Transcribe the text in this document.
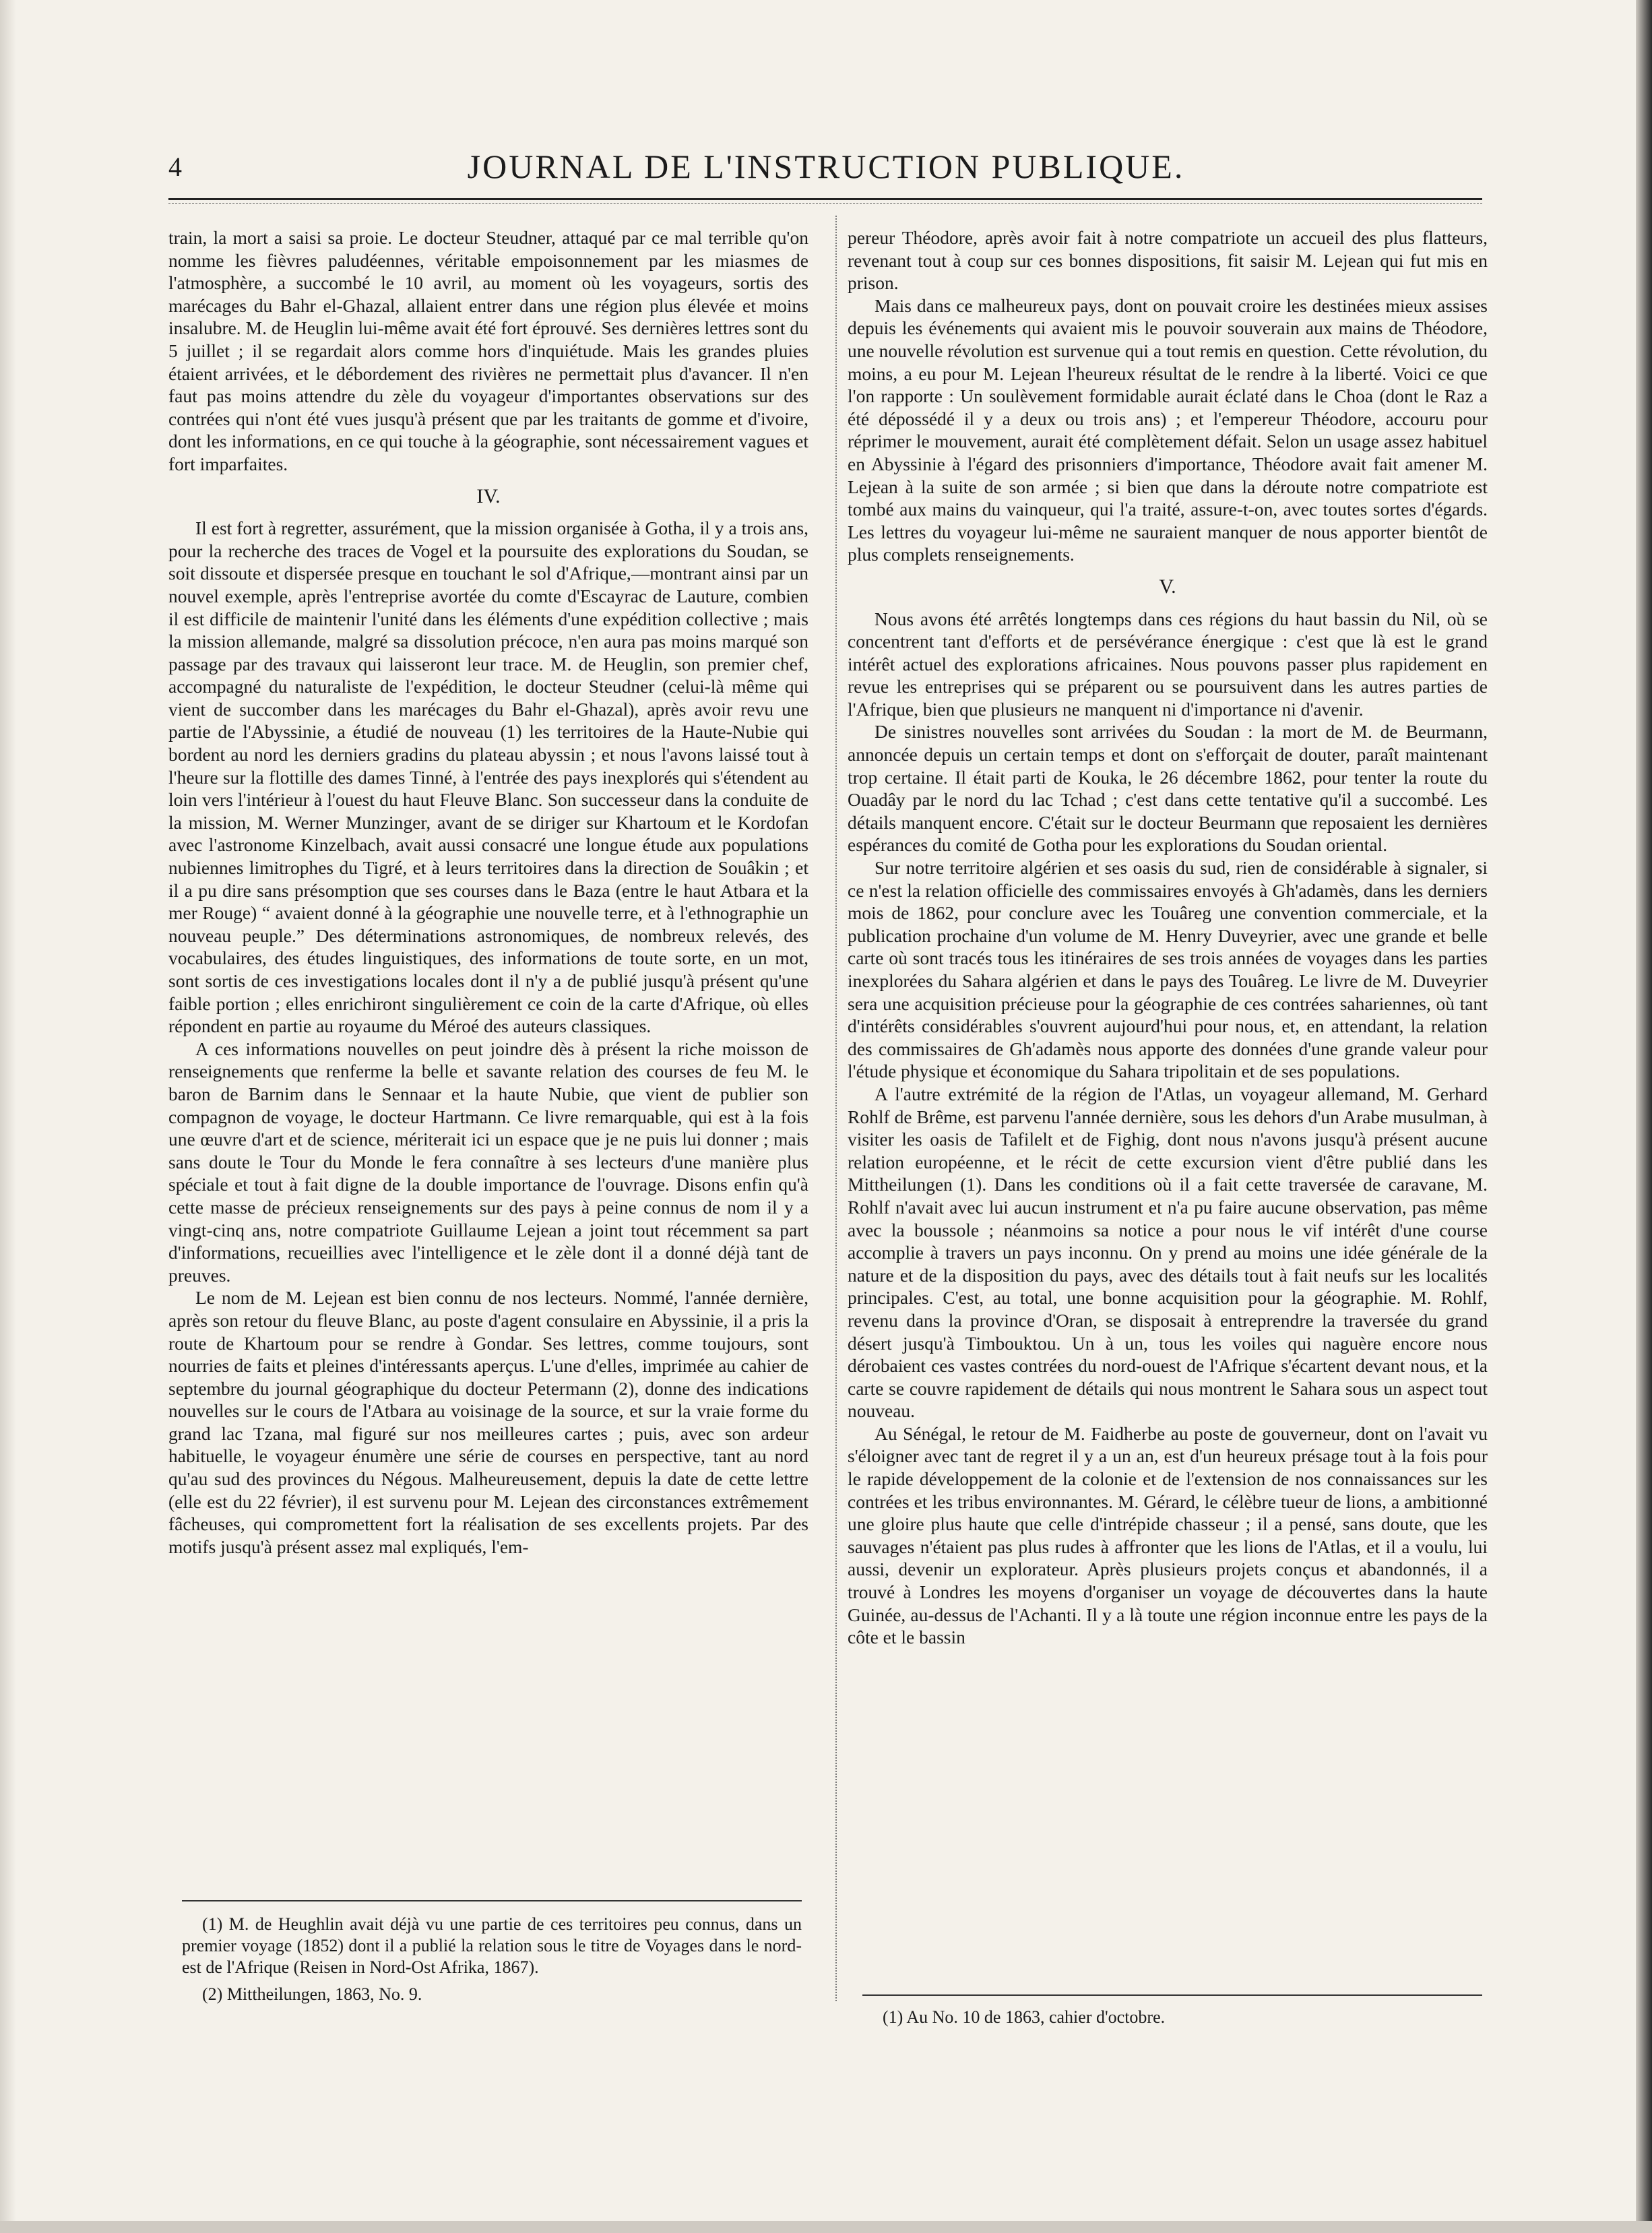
4	JOURNAL DE L'INSTRUCTION PUBLIQUE.

train, la mort a saisi sa proie. Le docteur Steudner, attaqué par ce mal terrible qu'on nomme les fièvres paludéennes, véritable empoisonnement par les miasmes de l'atmosphère, a succombé le 10 avril, au moment où les voyageurs, sortis des marécages du Bahr el-Ghazal, allaient entrer dans une région plus élevée et moins insalubre. M. de Heuglin lui-même avait été fort éprouvé. Ses dernières lettres sont du 5 juillet ; il se regardait alors comme hors d'inquiétude. Mais les grandes pluies étaient arrivées, et le débordement des rivières ne permettait plus d'avancer. Il n'en faut pas moins attendre du zèle du voyageur d'importantes observations sur des contrées qui n'ont été vues jusqu'à présent que par les traitants de gomme et d'ivoire, dont les informations, en ce qui touche à la géographie, sont nécessairement vagues et fort imparfaites.

IV.

Il est fort à regretter, assurément, que la mission organisée à Gotha, il y a trois ans, pour la recherche des traces de Vogel et la poursuite des explorations du Soudan, se soit dissoute et dispersée presque en touchant le sol d'Afrique,—montrant ainsi par un nouvel exemple, après l'entreprise avortée du comte d'Escayrac de Lauture, combien il est difficile de maintenir l'unité dans les éléments d'une expédition collective ; mais la mission allemande, malgré sa dissolution précoce, n'en aura pas moins marqué son passage par des travaux qui laisseront leur trace. M. de Heuglin, son premier chef, accompagné du naturaliste de l'expédition, le docteur Steudner (celui-là même qui vient de succomber dans les marécages du Bahr el-Ghazal), après avoir revu une partie de l'Abyssinie, a étudié de nouveau (1) les territoires de la Haute-Nubie qui bordent au nord les derniers gradins du plateau abyssin ; et nous l'avons laissé tout à l'heure sur la flottille des dames Tinné, à l'entrée des pays inexplorés qui s'étendent au loin vers l'intérieur à l'ouest du haut Fleuve Blanc. Son successeur dans la conduite de la mission, M. Werner Munzinger, avant de se diriger sur Khartoum et le Kordofan avec l'astronome Kinzelbach, avait aussi consacré une longue étude aux populations nubiennes limitrophes du Tigré, et à leurs territoires dans la direction de Souâkin ; et il a pu dire sans présomption que ses courses dans le Baza (entre le haut Atbara et la mer Rouge) “ avaient donné à la géographie une nouvelle terre, et à l'ethnographie un nouveau peuple.” Des déterminations astronomiques, de nombreux relevés, des vocabulaires, des études linguistiques, des informations de toute sorte, en un mot, sont sortis de ces investigations locales dont il n'y a de publié jusqu'à présent qu'une faible portion ; elles enrichiront singulièrement ce coin de la carte d'Afrique, où elles répondent en partie au royaume du Méroé des auteurs classiques.

A ces informations nouvelles on peut joindre dès à présent la riche moisson de renseignements que renferme la belle et savante relation des courses de feu M. le baron de Barnim dans le Sennaar et la haute Nubie, que vient de publier son compagnon de voyage, le docteur Hartmann. Ce livre remarquable, qui est à la fois une œuvre d'art et de science, mériterait ici un espace que je ne puis lui donner ; mais sans doute le Tour du Monde le fera connaître à ses lecteurs d'une manière plus spéciale et tout à fait digne de la double importance de l'ouvrage. Disons enfin qu'à cette masse de précieux renseignements sur des pays à peine connus de nom il y a vingt-cinq ans, notre compatriote Guillaume Lejean a joint tout récemment sa part d'informations, recueillies avec l'intelligence et le zèle dont il a donné déjà tant de preuves.

Le nom de M. Lejean est bien connu de nos lecteurs. Nommé, l'année dernière, après son retour du fleuve Blanc, au poste d'agent consulaire en Abyssinie, il a pris la route de Khartoum pour se rendre à Gondar. Ses lettres, comme toujours, sont nourries de faits et pleines d'intéressants aperçus. L'une d'elles, imprimée au cahier de septembre du journal géographique du docteur Petermann (2), donne des indications nouvelles sur le cours de l'Atbara au voisinage de la source, et sur la vraie forme du grand lac Tzana, mal figuré sur nos meilleures cartes ; puis, avec son ardeur habituelle, le voyageur énumère une série de courses en perspective, tant au nord qu'au sud des provinces du Négous. Malheureusement, depuis la date de cette lettre (elle est du 22 février), il est survenu pour M. Lejean des circonstances extrêmement fâcheuses, qui compromettent fort la réalisation de ses excellents projets. Par des motifs jusqu'à présent assez mal expliqués, l'em-

pereur Théodore, après avoir fait à notre compatriote un accueil des plus flatteurs, revenant tout à coup sur ces bonnes dispositions, fit saisir M. Lejean qui fut mis en prison.

Mais dans ce malheureux pays, dont on pouvait croire les destinées mieux assises depuis les événements qui avaient mis le pouvoir souverain aux mains de Théodore, une nouvelle révolution est survenue qui a tout remis en question. Cette révolution, du moins, a eu pour M. Lejean l'heureux résultat de le rendre à la liberté. Voici ce que l'on rapporte : Un soulèvement formidable aurait éclaté dans le Choa (dont le Raz a été dépossédé il y a deux ou trois ans) ; et l'empereur Théodore, accouru pour réprimer le mouvement, aurait été complètement défait. Selon un usage assez habituel en Abyssinie à l'égard des prisonniers d'importance, Théodore avait fait amener M. Lejean à la suite de son armée ; si bien que dans la déroute notre compatriote est tombé aux mains du vainqueur, qui l'a traité, assure-t-on, avec toutes sortes d'égards. Les lettres du voyageur lui-même ne sauraient manquer de nous apporter bientôt de plus complets renseignements.

V.

Nous avons été arrêtés longtemps dans ces régions du haut bassin du Nil, où se concentrent tant d'efforts et de persévérance énergique : c'est que là est le grand intérêt actuel des explorations africaines. Nous pouvons passer plus rapidement en revue les entreprises qui se préparent ou se poursuivent dans les autres parties de l'Afrique, bien que plusieurs ne manquent ni d'importance ni d'avenir.

De sinistres nouvelles sont arrivées du Soudan : la mort de M. de Beurmann, annoncée depuis un certain temps et dont on s'efforçait de douter, paraît maintenant trop certaine. Il était parti de Kouka, le 26 décembre 1862, pour tenter la route du Ouadây par le nord du lac Tchad ; c'est dans cette tentative qu'il a succombé. Les détails manquent encore. C'était sur le docteur Beurmann que reposaient les dernières espérances du comité de Gotha pour les explorations du Soudan oriental.

Sur notre territoire algérien et ses oasis du sud, rien de considérable à signaler, si ce n'est la relation officielle des commissaires envoyés à Gh'adamès, dans les derniers mois de 1862, pour conclure avec les Touâreg une convention commerciale, et la publication prochaine d'un volume de M. Henry Duveyrier, avec une grande et belle carte où sont tracés tous les itinéraires de ses trois années de voyages dans les parties inexplorées du Sahara algérien et dans le pays des Touâreg. Le livre de M. Duveyrier sera une acquisition précieuse pour la géographie de ces contrées sahariennes, où tant d'intérêts considérables s'ouvrent aujourd'hui pour nous, et, en attendant, la relation des commissaires de Gh'adamès nous apporte des données d'une grande valeur pour l'étude physique et économique du Sahara tripolitain et de ses populations.

A l'autre extrémité de la région de l'Atlas, un voyageur allemand, M. Gerhard Rohlf de Brême, est parvenu l'année dernière, sous les dehors d'un Arabe musulman, à visiter les oasis de Tafilelt et de Fighig, dont nous n'avons jusqu'à présent aucune relation européenne, et le récit de cette excursion vient d'être publié dans les Mittheilungen (1). Dans les conditions où il a fait cette traversée de caravane, M. Rohlf n'avait avec lui aucun instrument et n'a pu faire aucune observation, pas même avec la boussole ; néanmoins sa notice a pour nous le vif intérêt d'une course accomplie à travers un pays inconnu. On y prend au moins une idée générale de la nature et de la disposition du pays, avec des détails tout à fait neufs sur les localités principales. C'est, au total, une bonne acquisition pour la géographie. M. Rohlf, revenu dans la province d'Oran, se disposait à entreprendre la traversée du grand désert jusqu'à Timbouktou. Un à un, tous les voiles qui naguère encore nous dérobaient ces vastes contrées du nord-ouest de l'Afrique s'écartent devant nous, et la carte se couvre rapidement de détails qui nous montrent le Sahara sous un aspect tout nouveau.

Au Sénégal, le retour de M. Faidherbe au poste de gouverneur, dont on l'avait vu s'éloigner avec tant de regret il y a un an, est d'un heureux présage tout à la fois pour le rapide développement de la colonie et de l'extension de nos connaissances sur les contrées et les tribus environnantes. M. Gérard, le célèbre tueur de lions, a ambitionné une gloire plus haute que celle d'intrépide chasseur ; il a pensé, sans doute, que les sauvages n'étaient pas plus rudes à affronter que les lions de l'Atlas, et il a voulu, lui aussi, devenir un explorateur. Après plusieurs projets conçus et abandonnés, il a trouvé à Londres les moyens d'organiser un voyage de découvertes dans la haute Guinée, au-dessus de l'Achanti. Il y a là toute une région inconnue entre les pays de la côte et le bassin

(1) M. de Heughlin avait déjà vu une partie de ces territoires peu connus, dans un premier voyage (1852) dont il a publié la relation sous le titre de Voyages dans le nord-est de l'Afrique (Reisen in Nord-Ost Afrika, 1867).

(2) Mittheilungen, 1863, No. 9.

(1) Au No. 10 de 1863, cahier d'octobre.
